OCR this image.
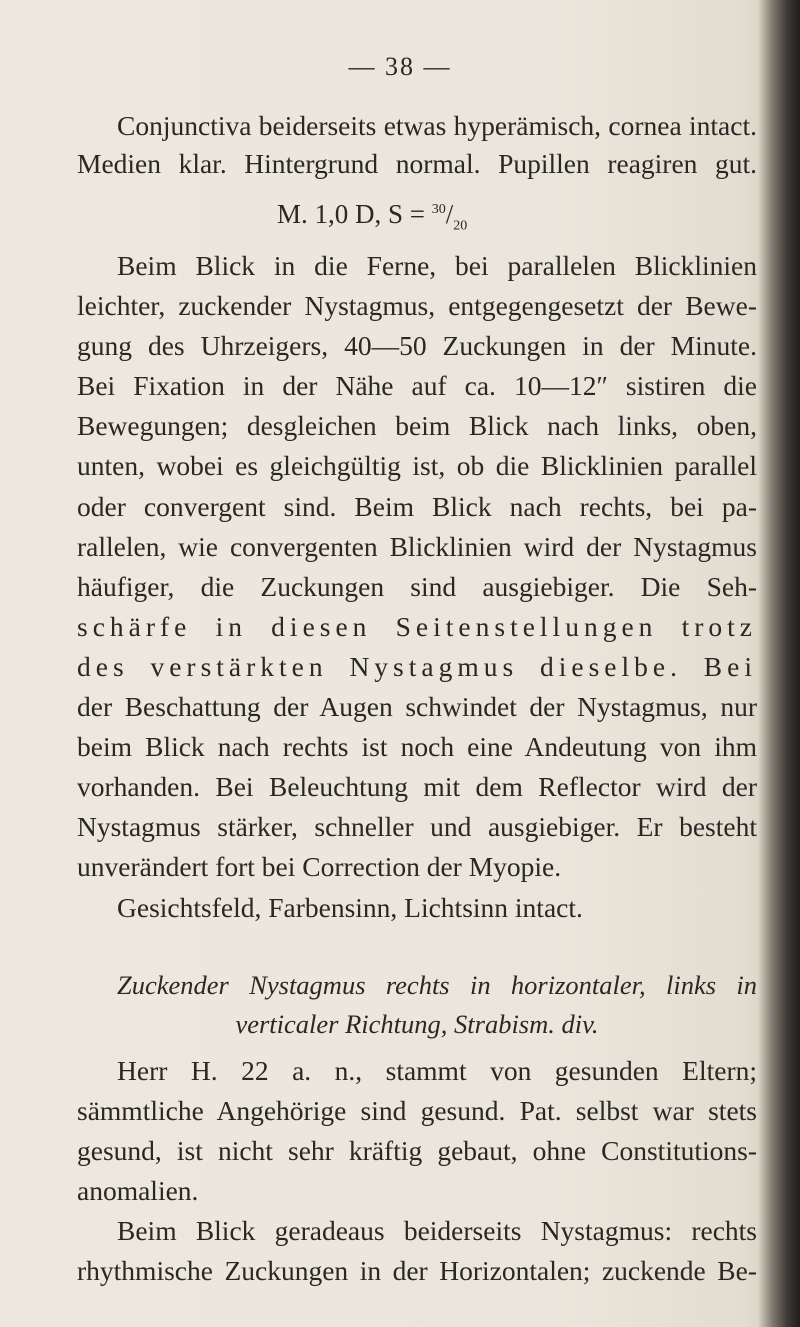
— 38 —
Conjunctiva beiderseits etwas hyperämisch, cornea intact.
Medien klar. Hintergrund normal. Pupillen reagiren gut.
M. 1,0 D, $S = ^{30}/_{20}$
Beim Blick in die Ferne, bei parallelen Blicklinien
leichter, zuckender Nystagmus, entgegengesetzt der Bewe-
gung des Uhrzeigers, 40—50 Zuckungen in der Minute.
Bei Fixation in der Nähe auf ca. 10—12″ sistiren die
Bewegungen; desgleichen beim Blick nach links, oben,
unten, wobei es gleichgültig ist, ob die Blicklinien parallel
oder convergent sind. Beim Blick nach rechts, bei pa-
rallelen, wie convergenten Blicklinien wird der Nystagmus
häufiger, die Zuckungen sind ausgiebiger. Die Seh-
schärfe in diesen Seitenstellungen trotz
des verstärkten Nystagmus dieselbe. Bei
der Beschattung der Augen schwindet der Nystagmus, nur
beim Blick nach rechts ist noch eine Andeutung von ihm
vorhanden. Bei Beleuchtung mit dem Reflector wird der
Nystagmus stärker, schneller und ausgiebiger. Er besteht
unverändert fort bei Correction der Myopie.
Gesichtsfeld, Farbensinn, Lichtsinn intact.
Zuckender Nystagmus rechts in horizontaler, links in
verticaler Richtung, Strabism. div.
Herr H. 22 a. n., stammt von gesunden Eltern;
sämmtliche Angehörige sind gesund. Pat. selbst war stets
gesund, ist nicht sehr kräftig gebaut, ohne Constitutions-
anomalien.
Beim Blick geradeaus beiderseits Nystagmus: rechts
rhythmische Zuckungen in der Horizontalen; zuckende Be-
